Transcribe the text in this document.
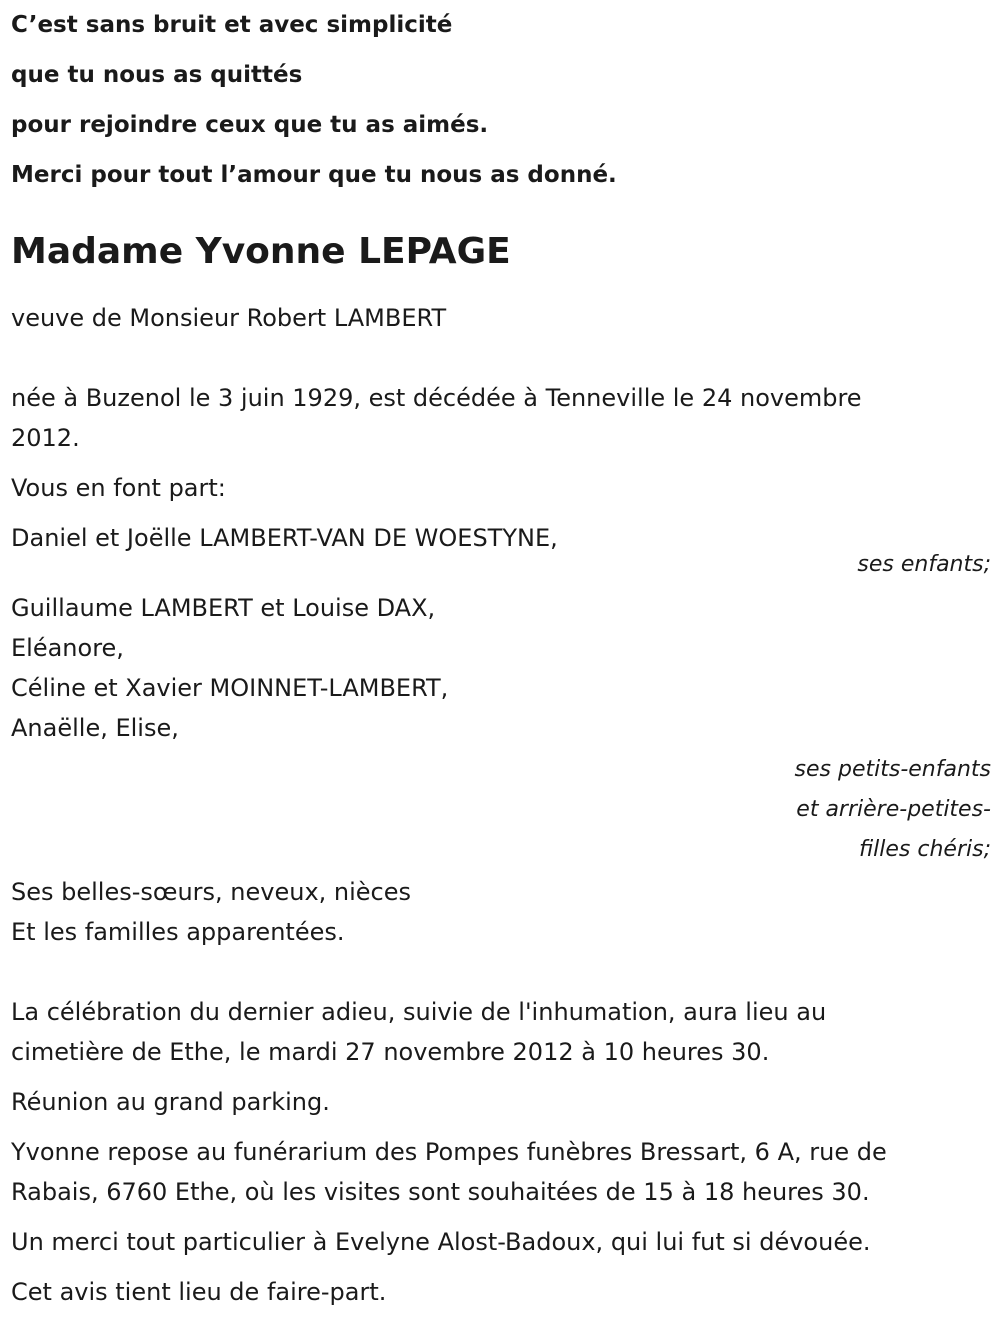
C’est sans bruit et avec simplicité
que tu nous as quittés
pour rejoindre ceux que tu as aimés.
Merci pour tout l’amour que tu nous as donné.
Madame Yvonne LEPAGE
veuve de Monsieur Robert LAMBERT
née à Buzenol le 3 juin 1929, est décédée à Tenneville le 24 novembre
2012.
Vous en font part:
Daniel et Joëlle LAMBERT-VAN DE WOESTYNE,
ses enfants;
Guillaume LAMBERT et Louise DAX,
Eléanore,
Céline et Xavier MOINNET-LAMBERT,
Anaëlle, Elise,
ses petits-enfants
et arrière-petites-
filles chéris;
Ses belles-sœurs, neveux, nièces
Et les familles apparentées.
La célébration du dernier adieu, suivie de l'inhumation, aura lieu au
cimetière de Ethe, le mardi 27 novembre 2012 à 10 heures 30.
Réunion au grand parking.
Yvonne repose au funérarium des Pompes funèbres Bressart, 6 A, rue de
Rabais, 6760 Ethe, où les visites sont souhaitées de 15 à 18 heures 30.
Un merci tout particulier à Evelyne Alost-Badoux, qui lui fut si dévouée.
Cet avis tient lieu de faire-part.
